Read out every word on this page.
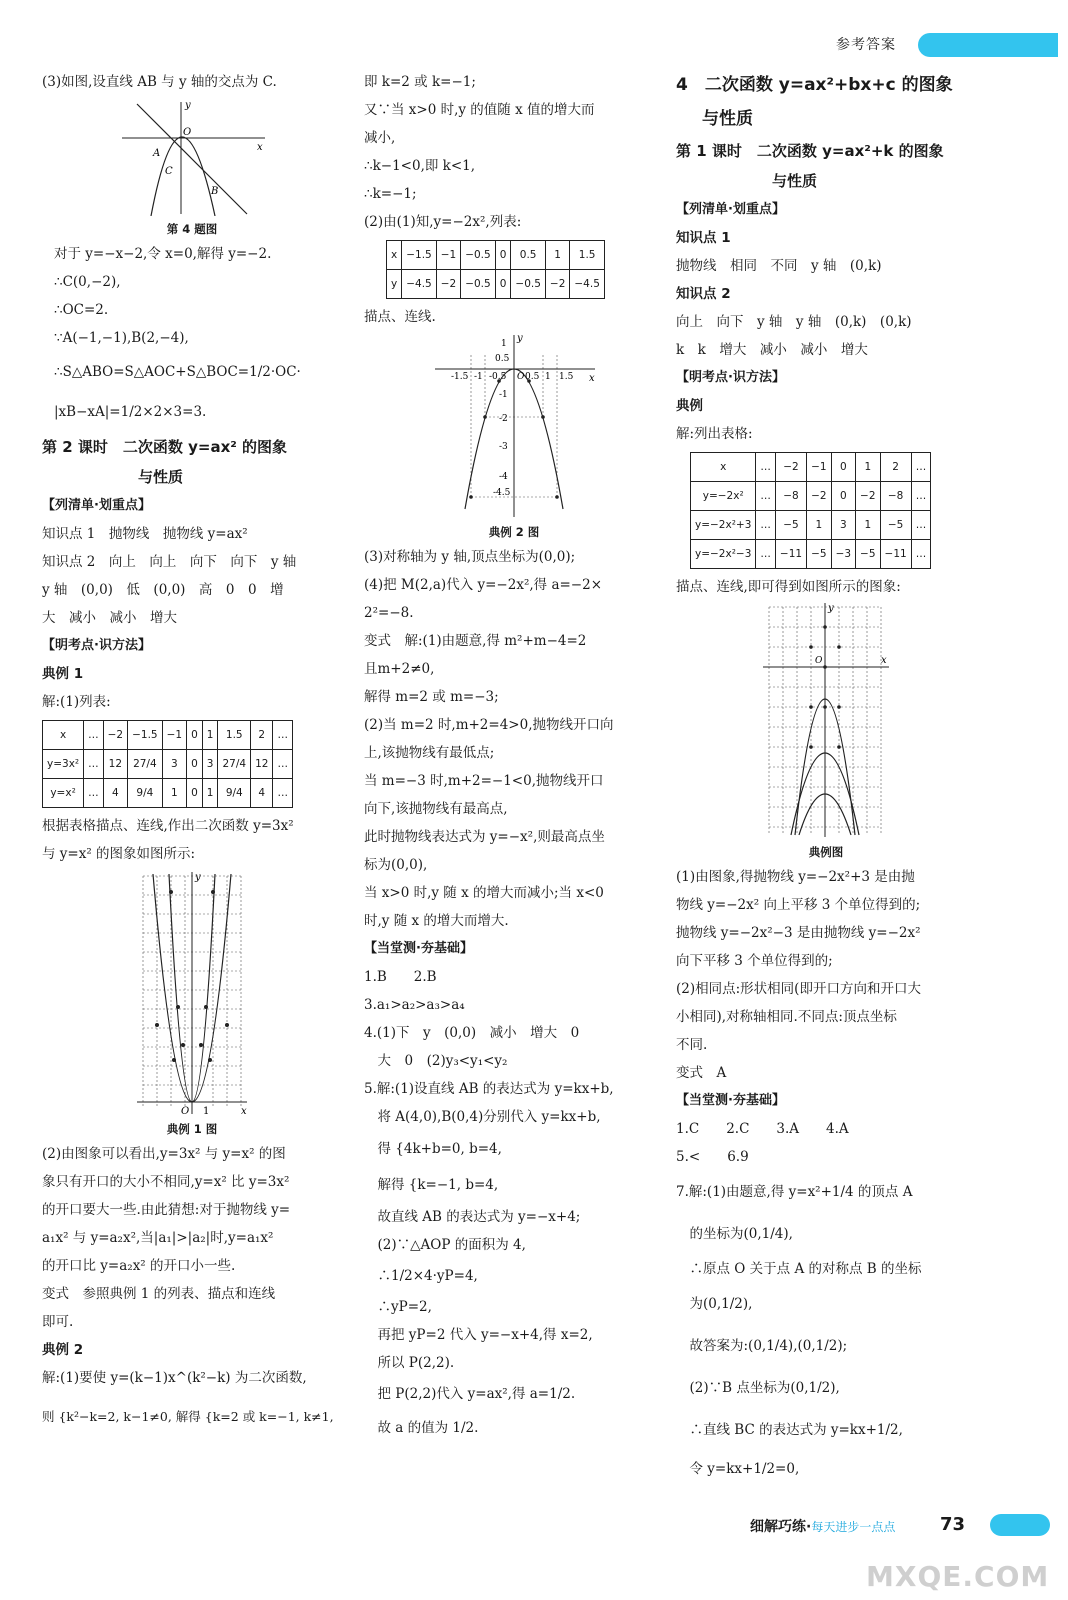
参考答案
(3)如图,设直线 AB 与 y 轴的交点为 C.
y
x
O
A
C
B
第 4 题图
对于 y=−x−2,令 x=0,解得 y=−2.
∴C(0,−2),
∴OC=2.
∵A(−1,−1),B(2,−4),
∴S△ABO=S△AOC+S△BOC=1/2·OC·
|xB−xA|=1/2×2×3=3.
第 2 课时　二次函数 y=ax² 的图象
与性质
【列清单·划重点】
知识点 1　抛物线　抛物线 y=ax²
知识点 2　向上　向上　向下　向下　y 轴
y 轴　(0,0)　低　(0,0)　高　0　0　增
大　减小　减小　增大
【明考点·识方法】
典例 1
解:(1)列表:
x	…	−2	−1.5	−1	0	1	1.5	2	…
y=3x²	…	12	27/4	3	0	3	27/4	12	…
y=x²	…	4	9/4	1	0	1	9/4	4	…
根据表格描点、连线,作出二次函数 y=3x²
与 y=x² 的图象如图所示:
y
x
O 1
典例 1 图
(2)由图象可以看出,y=3x² 与 y=x² 的图
象只有开口的大小不相同,y=x² 比 y=3x²
的开口要大一些.由此猜想:对于抛物线 y=
a₁x² 与 y=a₂x²,当|a₁|>|a₂|时,y=a₁x²
的开口比 y=a₂x² 的开口小一些.
变式　参照典例 1 的列表、描点和连线
即可.
典例 2
解:(1)要使 y=(k−1)x^(k²−k) 为二次函数,
则 {k²−k=2, k−1≠0, 解得 {k=2 或 k=−1, k≠1,
即 k=2 或 k=−1;
又∵当 x>0 时,y 的值随 x 值的增大而
减小,
∴k−1<0,即 k<1,
∴k=−1;
(2)由(1)知,y=−2x²,列表:
x	−1.5	−1	−0.5	0	0.5	1	1.5
y	−4.5	−2	−0.5	0	−0.5	−2	−4.5
描点、连线.
y
x
O
1
0.5
-1.5 -1 -0.5 0.5 1 1.5
-1
-2
-3
-4
-4.5
典例 2 图
(3)对称轴为 y 轴,顶点坐标为(0,0);
(4)把 M(2,a)代入 y=−2x²,得 a=−2×
2²=−8.
变式　解:(1)由题意,得 m²+m−4=2
且m+2≠0,
解得 m=2 或 m=−3;
(2)当 m=2 时,m+2=4>0,抛物线开口向
上,该抛物线有最低点;
当 m=−3 时,m+2=−1<0,抛物线开口
向下,该抛物线有最高点,
此时抛物线表达式为 y=−x²,则最高点坐
标为(0,0),
当 x>0 时,y 随 x 的增大而减小;当 x<0
时,y 随 x 的增大而增大.
【当堂测·夯基础】
1.B　　2.B
3.a₁>a₂>a₃>a₄
4.(1)下　y　(0,0)　减小　增大　0
　大　0　(2)y₃<y₁<y₂
5.解:(1)设直线 AB 的表达式为 y=kx+b,
　将 A(4,0),B(0,4)分别代入 y=kx+b,
　得 {4k+b=0, b=4,
　解得 {k=−1, b=4,
　故直线 AB 的表达式为 y=−x+4;
　(2)∵△AOP 的面积为 4,
　∴1/2×4·yP=4,
　∴yP=2,
　再把 yP=2 代入 y=−x+4,得 x=2,
　所以 P(2,2).
　把 P(2,2)代入 y=ax²,得 a=1/2.
　故 a 的值为 1/2.
4　二次函数 y=ax²+bx+c 的图象
与性质
第 1 课时　二次函数 y=ax²+k 的图象
与性质
【列清单·划重点】
知识点 1
抛物线　相同　不同　y 轴　(0,k)
知识点 2
向上　向下　y 轴　y 轴　(0,k)　(0,k)
k　k　增大　减小　减小　增大
【明考点·识方法】
典例
解:列出表格:
x	…	−2	−1	0	1	2	…
y=−2x²	…	−8	−2	0	−2	−8	…
y=−2x²+3	…	−5	1	3	1	−5	…
y=−2x²−3	…	−11	−5	−3	−5	−11	…
描点、连线,即可得到如图所示的图象:
y
x
O
典例图
(1)由图象,得抛物线 y=−2x²+3 是由抛
物线 y=−2x² 向上平移 3 个单位得到的;
抛物线 y=−2x²−3 是由抛物线 y=−2x²
向下平移 3 个单位得到的;
(2)相同点:形状相同(即开口方向和开口大
小相同),对称轴相同.不同点:顶点坐标
不同.
变式　A
【当堂测·夯基础】
1.C　　2.C　　3.A　　4.A
5.<　　6.9
7.解:(1)由题意,得 y=x²+1/4 的顶点 A
　的坐标为(0,1/4),
　∴原点 O 关于点 A 的对称点 B 的坐标
　为(0,1/2),
　故答案为:(0,1/4),(0,1/2);
　(2)∵B 点坐标为(0,1/2),
　∴直线 BC 的表达式为 y=kx+1/2,
　令 y=kx+1/2=0,
细解巧练·每天进步一点点 73
MXQE.COM
